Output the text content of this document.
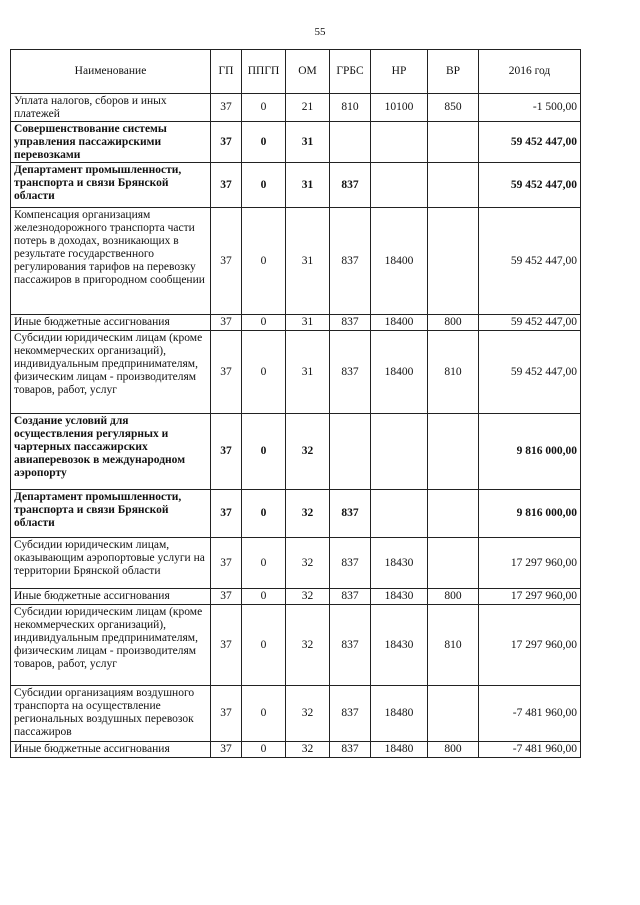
55
Наименование	ГП	ППГП	ОМ	ГРБС	НР	ВР	2016 год
Уплата налогов, сборов и иных платежей	37	0	21	810	10100	850	-1 500,00
Совершенствование системы управления пассажирскими перевозками	37	0	31				59 452 447,00
Департамент промышленности, транспорта и связи Брянской области	37	0	31	837			59 452 447,00
Компенсация организациям железнодорожного транспорта части потерь в доходах, возникающих в результате государственного регулирования тарифов на перевозку пассажиров в пригородном сообщении	37	0	31	837	18400		59 452 447,00
Иные бюджетные ассигнования	37	0	31	837	18400	800	59 452 447,00
Субсидии юридическим лицам (кроме некоммерческих организаций), индивидуальным предпринимателям, физическим лицам - производителям товаров, работ, услуг	37	0	31	837	18400	810	59 452 447,00
Создание условий для осуществления регулярных и чартерных пассажирских авиаперевозок в международном аэропорту	37	0	32				9 816 000,00
Департамент промышленности, транспорта и связи Брянской области	37	0	32	837			9 816 000,00
Субсидии юридическим лицам, оказывающим аэропортовые услуги на территории Брянской области	37	0	32	837	18430		17 297 960,00
Иные бюджетные ассигнования	37	0	32	837	18430	800	17 297 960,00
Субсидии юридическим лицам (кроме некоммерческих организаций), индивидуальным предпринимателям, физическим лицам - производителям товаров, работ, услуг	37	0	32	837	18430	810	17 297 960,00
Субсидии организациям воздушного транспорта на осуществление региональных воздушных перевозок пассажиров	37	0	32	837	18480		-7 481 960,00
Иные бюджетные ассигнования	37	0	32	837	18480	800	-7 481 960,00
